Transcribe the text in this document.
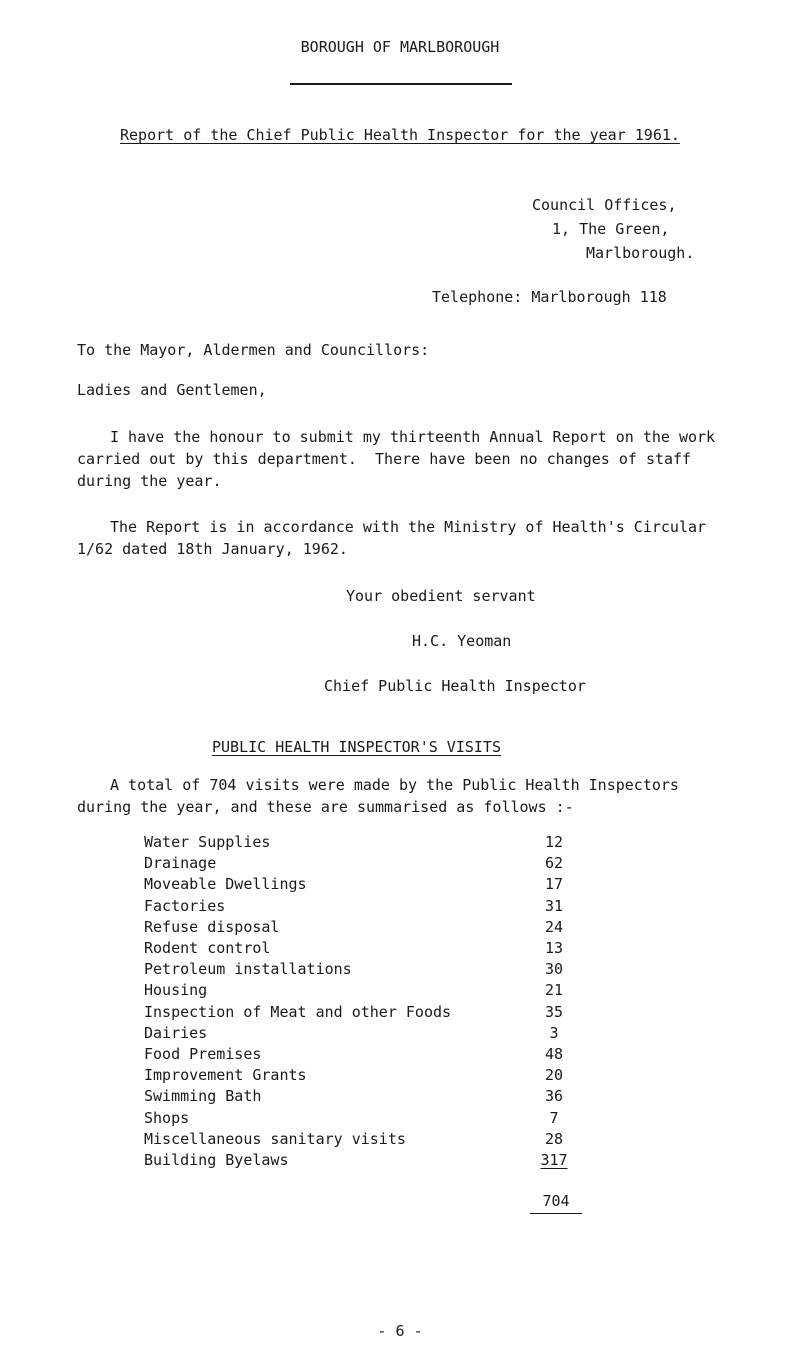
BOROUGH OF MARLBOROUGH
Report of the Chief Public Health Inspector for the year 1961.
Council Offices,
1, The Green,
Marlborough.
Telephone: Marlborough 118
To the Mayor, Aldermen and Councillors:
Ladies and Gentlemen,
I have the honour to submit my thirteenth Annual Report on the work
carried out by this department.  There have been no changes of staff
during the year.
The Report is in accordance with the Ministry of Health's Circular
1/62 dated 18th January, 1962.
Your obedient servant
H.C. Yeoman
Chief Public Health Inspector
PUBLIC HEALTH INSPECTOR'S VISITS
A total of 704 visits were made by the Public Health Inspectors
during the year, and these are summarised as follows :-
Water Supplies	12
Drainage	62
Moveable Dwellings	17
Factories	31
Refuse disposal	24
Rodent control	13
Petroleum installations	30
Housing	21
Inspection of Meat and other Foods	35
Dairies	3
Food Premises	48
Improvement Grants	20
Swimming Bath	36
Shops	7
Miscellaneous sanitary visits	28
Building Byelaws	317
704
- 6 -
